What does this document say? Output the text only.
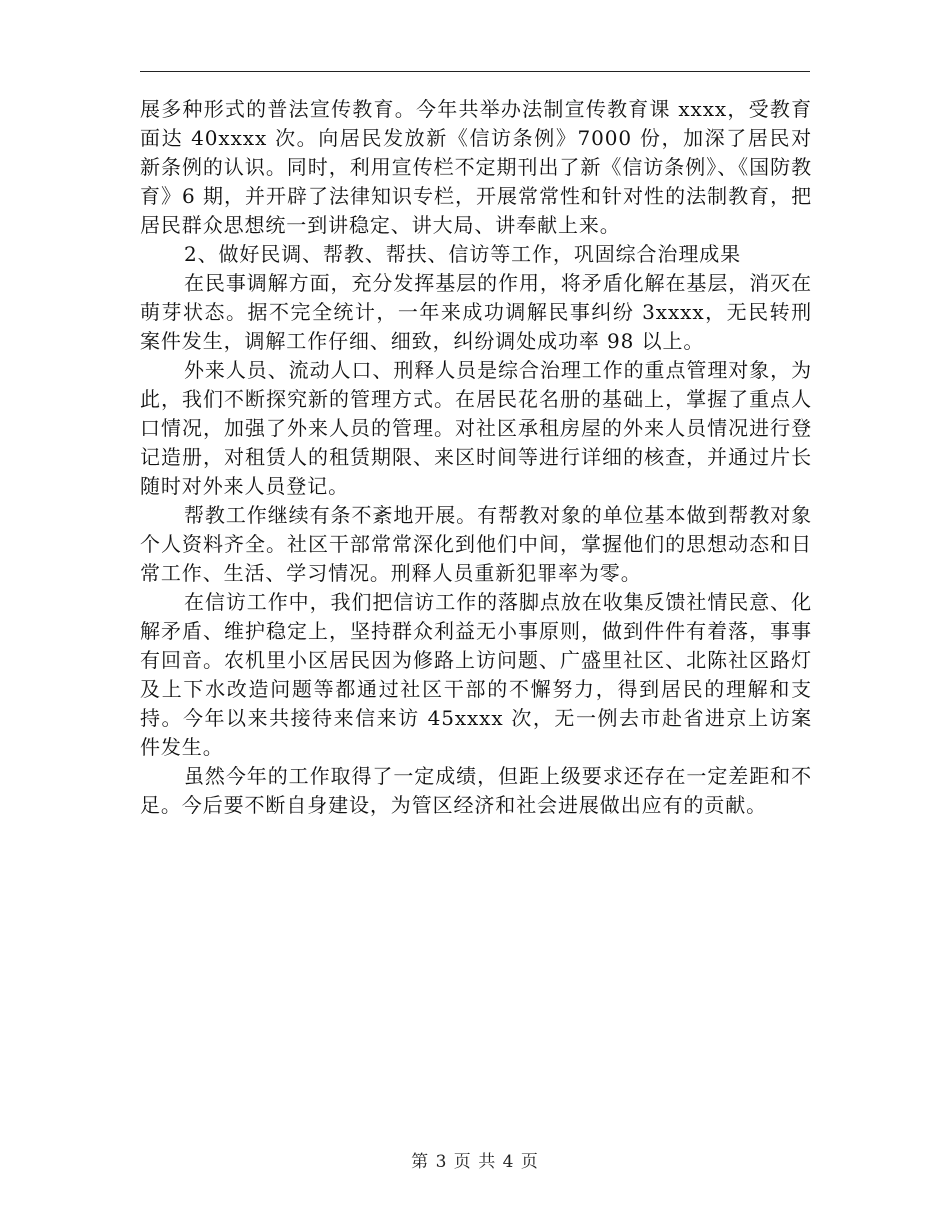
展多种形式的普法宣传教育。今年共举办法制宣传教育课 xxxx，受教育面达 40xxxx 次。向居民发放新《信访条例》7000 份，加深了居民对新条例的认识。同时，利用宣传栏不定期刊出了新《信访条例》、《国防教育》6 期，并开辟了法律知识专栏，开展常常性和针对性的法制教育，把居民群众思想统一到讲稳定、讲大局、讲奉献上来。

2、做好民调、帮教、帮扶、信访等工作，巩固综合治理成果

在民事调解方面，充分发挥基层的作用，将矛盾化解在基层，消灭在萌芽状态。据不完全统计，一年来成功调解民事纠纷 3xxxx，无民转刑案件发生，调解工作仔细、细致，纠纷调处成功率 98 以上。

外来人员、流动人口、刑释人员是综合治理工作的重点管理对象，为此，我们不断探究新的管理方式。在居民花名册的基础上，掌握了重点人口情况，加强了外来人员的管理。对社区承租房屋的外来人员情况进行登记造册，对租赁人的租赁期限、来区时间等进行详细的核查，并通过片长随时对外来人员登记。

帮教工作继续有条不紊地开展。有帮教对象的单位基本做到帮教对象个人资料齐全。社区干部常常深化到他们中间，掌握他们的思想动态和日常工作、生活、学习情况。刑释人员重新犯罪率为零。

在信访工作中，我们把信访工作的落脚点放在收集反馈社情民意、化解矛盾、维护稳定上，坚持群众利益无小事原则，做到件件有着落，事事有回音。农机里小区居民因为修路上访问题、广盛里社区、北陈社区路灯及上下水改造问题等都通过社区干部的不懈努力，得到居民的理解和支持。今年以来共接待来信来访 45xxxx 次，无一例去市赴省进京上访案件发生。

虽然今年的工作取得了一定成绩，但距上级要求还存在一定差距和不足。今后要不断自身建设，为管区经济和社会进展做出应有的贡献。

第 3 页 共 4 页
